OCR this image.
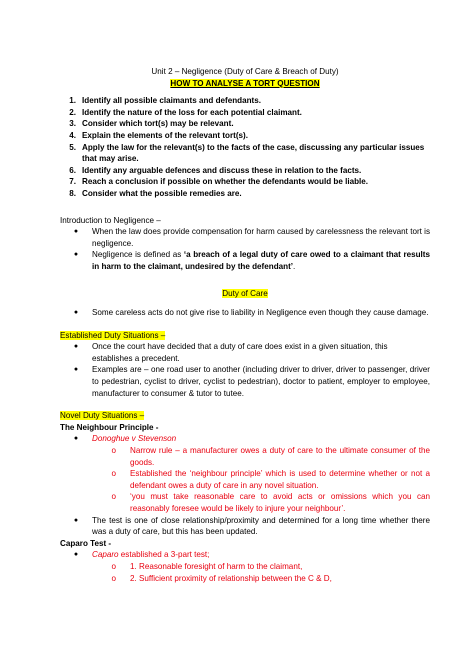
Unit 2 – Negligence (Duty of Care & Breach of Duty)

HOW TO ANALYSE A TORT QUESTION

1. Identify all possible claimants and defendants.
2. Identify the nature of the loss for each potential claimant.
3. Consider which tort(s) may be relevant.
4. Explain the elements of the relevant tort(s).
5. Apply the law for the relevant(s) to the facts of the case, discussing any particular issues that may arise.
6. Identify any arguable defences and discuss these in relation to the facts.
7. Reach a conclusion if possible on whether the defendants would be liable.
8. Consider what the possible remedies are.
Introduction to Negligence –
●	When the law does provide compensation for harm caused by carelessness the relevant tort is negligence.
●	Negligence is defined as ‘a breach of a legal duty of care owed to a claimant that results in harm to the claimant, undesired by the defendant’.
Duty of Care
●	Some careless acts do not give rise to liability in Negligence even though they cause damage.
Established Duty Situations –
●	Once the court have decided that a duty of care does exist in a given situation, this establishes a precedent.
●	Examples are – one road user to another (including driver to driver, driver to passenger, driver to pedestrian, cyclist to driver, cyclist to pedestrian), doctor to patient, employer to employee, manufacturer to consumer & tutor to tutee.
Novel Duty Situations –
The Neighbour Principle -
●	Donoghue v Stevenson
o	Narrow rule – a manufacturer owes a duty of care to the ultimate consumer of the goods.
o	Established the ‘neighbour principle’ which is used to determine whether or not a defendant owes a duty of care in any novel situation.
o	‘you must take reasonable care to avoid acts or omissions which you can reasonably foresee would be likely to injure your neighbour’.
●	The test is one of close relationship/proximity and determined for a long time whether there was a duty of care, but this has been updated.
Caparo Test -
●	Caparo established a 3-part test;
o	1. Reasonable foresight of harm to the claimant,
o	2. Sufficient proximity of relationship between the C & D,
